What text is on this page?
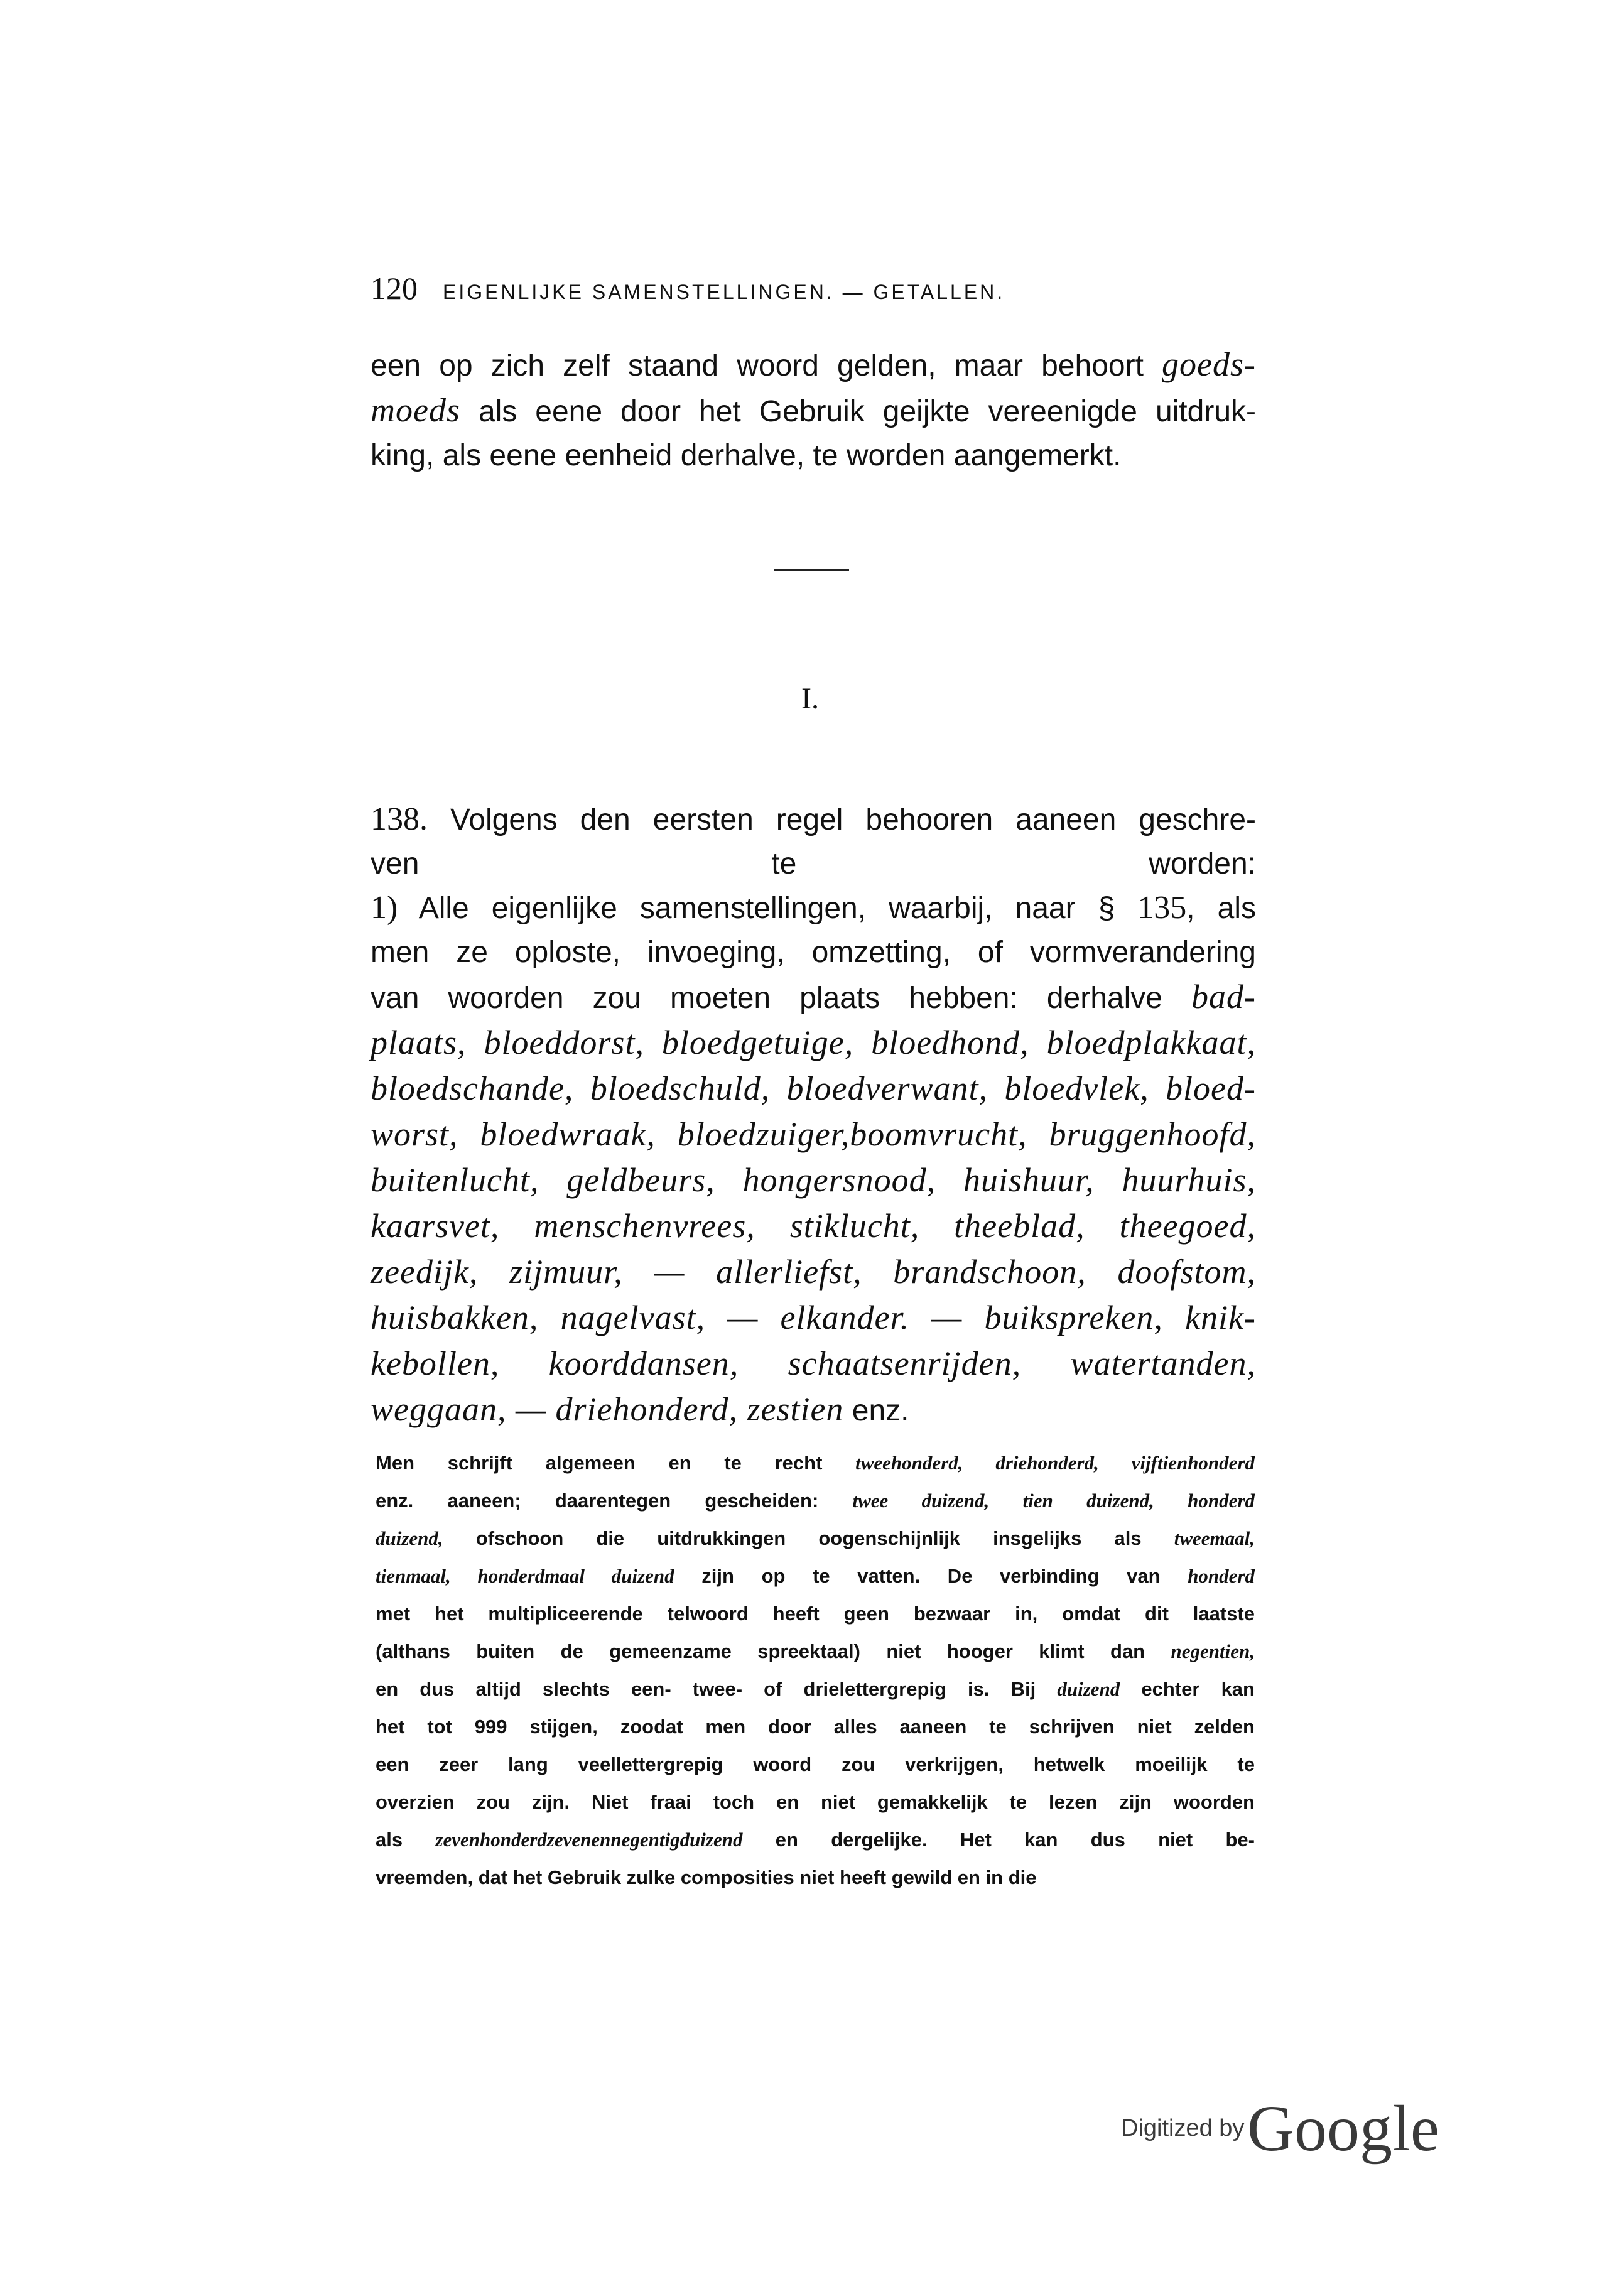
120 EIGENLIJKE SAMENSTELLINGEN. — GETALLEN.
een op zich zelf staand woord gelden, maar behoort goeds-
moeds als eene door het Gebruik geijkte vereenigde uitdruk-
king, als eene eenheid derhalve, te worden aangemerkt.
I.
138. Volgens den eersten regel behooren aaneen geschre-
ven te worden:
1) Alle eigenlijke samenstellingen, waarbij, naar § 135, als
men ze oploste, invoeging, omzetting, of vormverandering
van woorden zou moeten plaats hebben: derhalve bad-
plaats, bloeddorst, bloedgetuige, bloedhond, bloedplakkaat,
bloedschande, bloedschuld, bloedverwant, bloedvlek, bloed-
worst, bloedwraak, bloedzuiger,boomvrucht, bruggenhoofd,
buitenlucht, geldbeurs, hongersnood, huishuur, huurhuis,
kaarsvet, menschenvrees, stiklucht, theeblad, theegoed,
zeedijk, zijmuur, — allerliefst, brandschoon, doofstom,
huisbakken, nagelvast, — elkander. — buikspreken, knik-
kebollen, koorddansen, schaatsenrijden, watertanden,
weggaan, — driehonderd, zestien enz.
Men schrijft algemeen en te recht tweehonderd, driehonderd, vijftienhonderd
enz. aaneen; daarentegen gescheiden: twee duizend, tien duizend, honderd
duizend, ofschoon die uitdrukkingen oogenschijnlijk insgelijks als tweemaal,
tienmaal, honderdmaal duizend zijn op te vatten. De verbinding van honderd
met het multipliceerende telwoord heeft geen bezwaar in, omdat dit laatste
(althans buiten de gemeenzame spreektaal) niet hooger klimt dan negentien,
en dus altijd slechts een- twee- of drielettergrepig is. Bij duizend echter kan
het tot 999 stijgen, zoodat men door alles aaneen te schrijven niet zelden
een zeer lang veellettergrepig woord zou verkrijgen, hetwelk moeilijk te
overzien zou zijn. Niet fraai toch en niet gemakkelijk te lezen zijn woorden
als zevenhonderdzevenennegentigduizend en dergelijke. Het kan dus niet be-
vreemden, dat het Gebruik zulke composities niet heeft gewild en in die
Digitized by Google
